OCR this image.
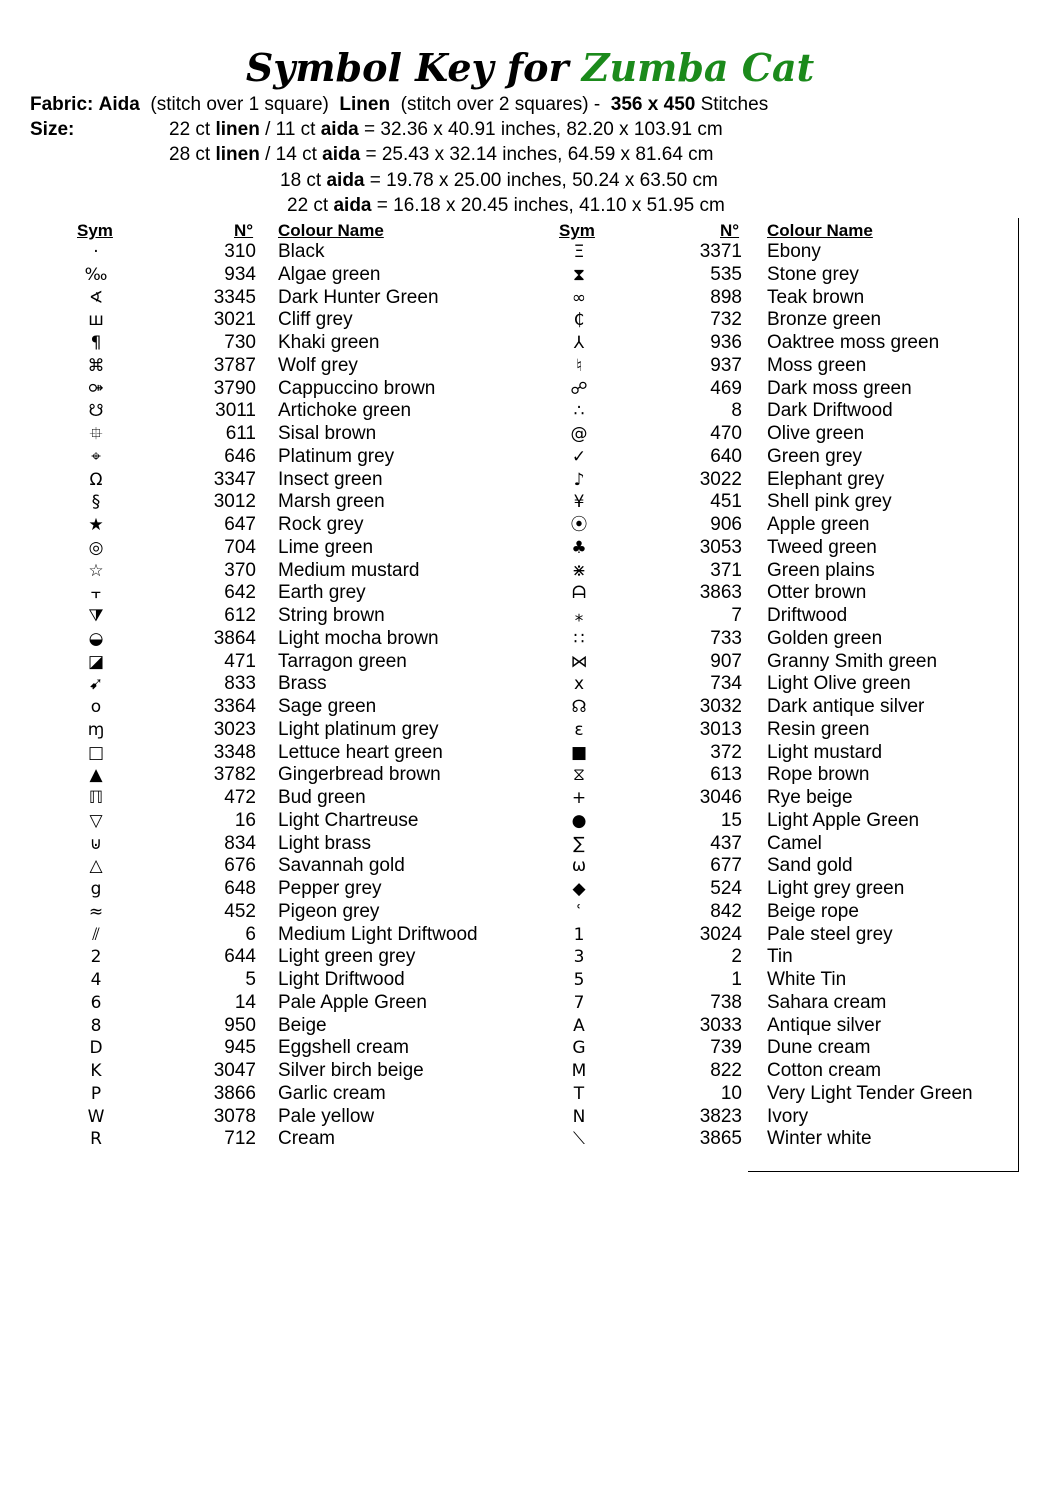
Symbol Key for Zumba Cat
Fabric: Aida (stitch over 1 square) Linen (stitch over 2 squares) - 356 x 450 Stitches
Size:	22 ct linen / 11 ct aida = 32.36 x 40.91 inches, 82.20 x 103.91 cm
28 ct linen / 14 ct aida = 25.43 x 32.14 inches, 64.59 x 81.64 cm
18 ct aida = 19.78 x 25.00 inches, 50.24 x 63.50 cm
22 ct aida = 16.18 x 20.45 inches, 41.10 x 51.95 cm
Sym	N° Colour Name	Sym	N° Colour Name
·	310 Black	Ξ	3371 Ebony
‰	934 Algae green	⧗	535 Stone grey
∢	3345 Dark Hunter Green	∞	898 Teak brown
ш	3021 Cliff grey	₵	732 Bronze green
¶	730 Khaki green	⅄	936 Oaktree moss green
⌘	3787 Wolf grey	♮	937 Moss green
⚩	3790 Cappuccino brown	☍	469 Dark moss green
☋	3011 Artichoke green	∴	8 Dark Driftwood
⯐	611 Sisal brown	@	470 Olive green
⌖	646 Platinum grey	✓	640 Green grey
Ω	3347 Insect green	♪	3022 Elephant grey
§	3012 Marsh green	¥	451 Shell pink grey
★	647 Rock grey	⦿	906 Apple green
◎	704 Lime green	♣	3053 Tweed green
☆	370 Medium mustard	⋇	371 Green plains
⫟	642 Earth grey	ᗩ	3863 Otter brown
⧩	612 String brown	⁎	7 Driftwood
◒	3864 Light mocha brown	∷	733 Golden green
◪	471 Tarragon green	⋈	907 Granny Smith green
➹	833 Brass	x	734 Light Olive green
o	3364 Sage green	☊	3032 Dark antique silver
ɱ	3023 Light platinum grey	ɛ	3013 Resin green
□	3348 Lettuce heart green	■	372 Light mustard
▲	3782 Gingerbread brown	⧖	613 Rope brown
ℿ	472 Bud green	+	3046 Rye beige
▽	16 Light Chartreuse	●	15 Light Apple Green
⊍	834 Light brass	∑	437 Camel
△	676 Savannah gold	ω	677 Sand gold
g	648 Pepper grey	◆	524 Light grey green
≈	452 Pigeon grey	ʿ	842 Beige rope
⫽	6 Medium Light Driftwood	1	3024 Pale steel grey
2	644 Light green grey	3	2 Tin
4	5 Light Driftwood	5	1 White Tin
6	14 Pale Apple Green	7	738 Sahara cream
8	950 Beige	A	3033 Antique silver
D	945 Eggshell cream	G	739 Dune cream
K	3047 Silver birch beige	M	822 Cotton cream
P	3866 Garlic cream	T	10 Very Light Tender Green
W	3078 Pale yellow	N	3823 Ivory
R	712 Cream	⟍	3865 Winter white
